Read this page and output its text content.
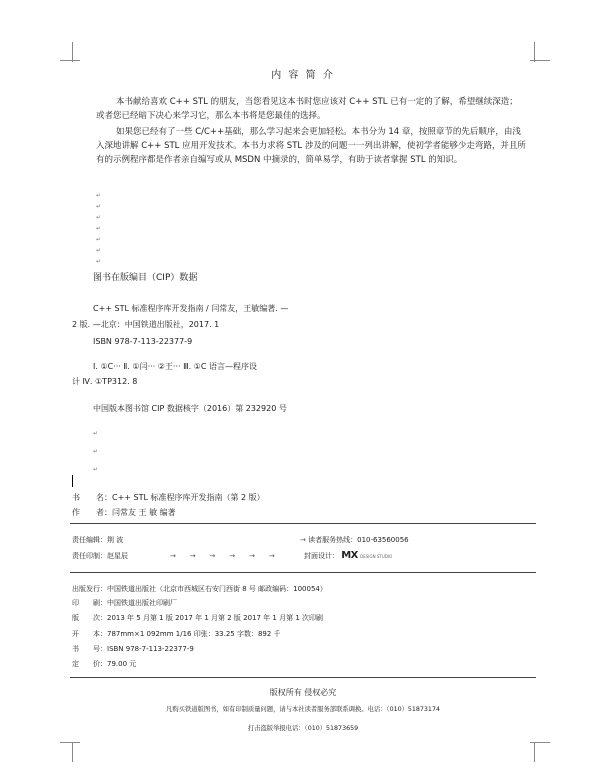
内 容 简 介
本书献给喜欢 C++ STL 的朋友，当您看见这本书时您应该对 C++ STL 已有一定的了解，希望继续深造；或者您已经暗下决心来学习它，那么本书将是您最佳的选择。
如果您已经有了一些 C/C++基础，那么学习起来会更加轻松。本书分为 14 章，按照章节的先后顺序，由浅入深地讲解 C++ STL 应用开发技术。本书力求将 STL 涉及的问题一一列出讲解，使初学者能够少走弯路，并且所有的示例程序都是作者亲自编写或从 MSDN 中摘录的，简单易学，有助于读者掌握 STL 的知识。
↵
↵
↵
↵
↵
↵
↵
图书在版编目（CIP）数据
C++ STL 标准程序库开发指南 / 闫常友，王敏编著. —
2 版. —北京：中国铁道出版社，2017. 1
ISBN 978-7-113-22377-9
Ⅰ. ①C··· Ⅱ. ①闫··· ②王··· Ⅲ. ①C 语言—程序设
计 Ⅳ. ①TP312. 8
中国版本图书馆 CIP 数据核字（2016）第 232920 号
↵
↵
↵
书　　名：C++ STL 标准程序库开发指南（第 2 版）
作　　者：闫常友 王 敏 编著
责任编辑：荆 波	→ 读者服务热线：010-63560056
责任印制：赵星辰	→    →    →    →    →    →	封面设计： MX DESIGN STUDIO
出版发行：中国铁道出版社（北京市西城区右安门西街 8 号 邮政编码：100054）
印　　刷：中国铁道出版社印刷厂
版　　次：2013 年 5 月第 1 版 2017 年 1 月第 2 版 2017 年 1 月第 1 次印刷
开　　本：787mm×1 092mm 1/16 印张：33.25 字数：892 千
书　　号：ISBN 978-7-113-22377-9
定　　价：79.00 元
版权所有 侵权必究
凡购买铁道版图书，如有印制质量问题，请与本社读者服务部联系调换。电话：（010）51873174
打击盗版举报电话：（010）51873659
